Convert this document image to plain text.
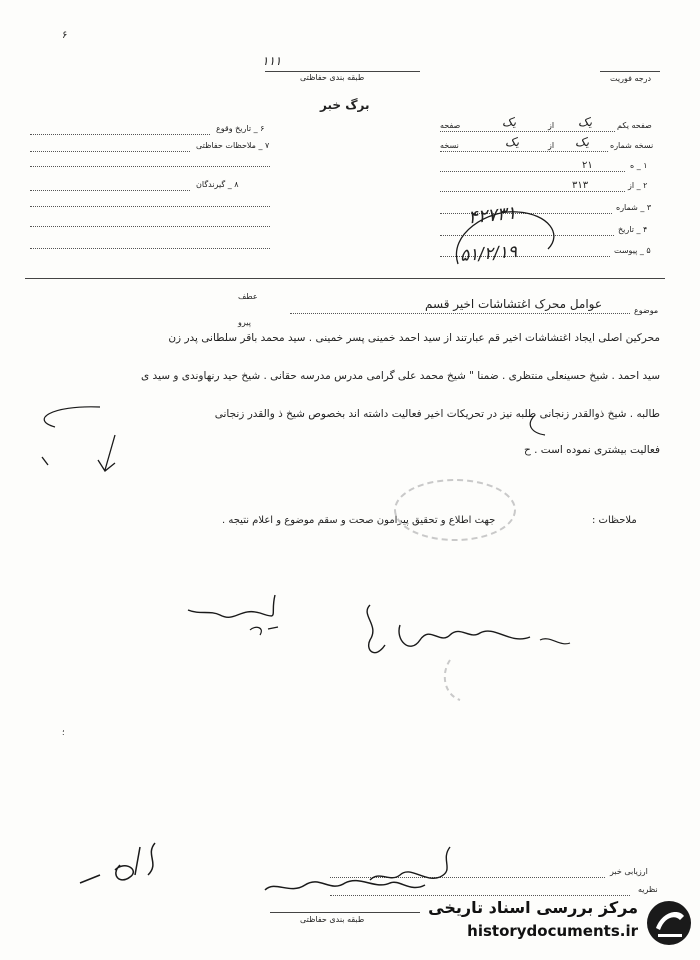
۶
۱۱۱
طبقه بندی حفاظتی	درجه فوریت
برگ خبر
۶ _ تاریخ وقوع
۷ _ ملاحظات حفاظتی
۸ _ گیرندگان
صفحه یکم
یک
از
یک
صفحه
نسخه شماره
یک
از
یک
نسخه
۱ _ ه
۲۱
۲ _ از
۳۱۳
۳ _ شماره
۴ _ تاریخ
۵ _ پیوست
۴۲۷۳۱
۵۱/۲/۱۹
عطف
پیرو
موضوع
عوامل محرک اغتشاشات اخیر قسم
محرکین اصلی ایجاد اغتشاشات اخیر قم عبارتند از سید احمد خمینی پسر خمینی . سید محمد باقر سلطانی پدر زن
سید احمد . شیخ حسینعلی منتظری . ضمنا " شیخ محمد علی گرامی مدرس مدرسه حقانی . شیخ حید رنهاوندی و سید ی
طالبه . شیخ ذوالقدر زنجانی طلبه نیز در تحریکات اخیر فعالیت داشته اند بخصوص شیخ ذ والقدر زنجانی
فعالیت بیشتری نموده است . ح
ملاحظات :
جهت اطلاع و تحقیق پیرامون صحت و سقم موضوع و اعلام نتیجه .
؛
ارزیابی خبر
نظریه
طبقه بندی حفاظتی
مرکز بررسی اسناد تاریخی
historydocuments.ir
